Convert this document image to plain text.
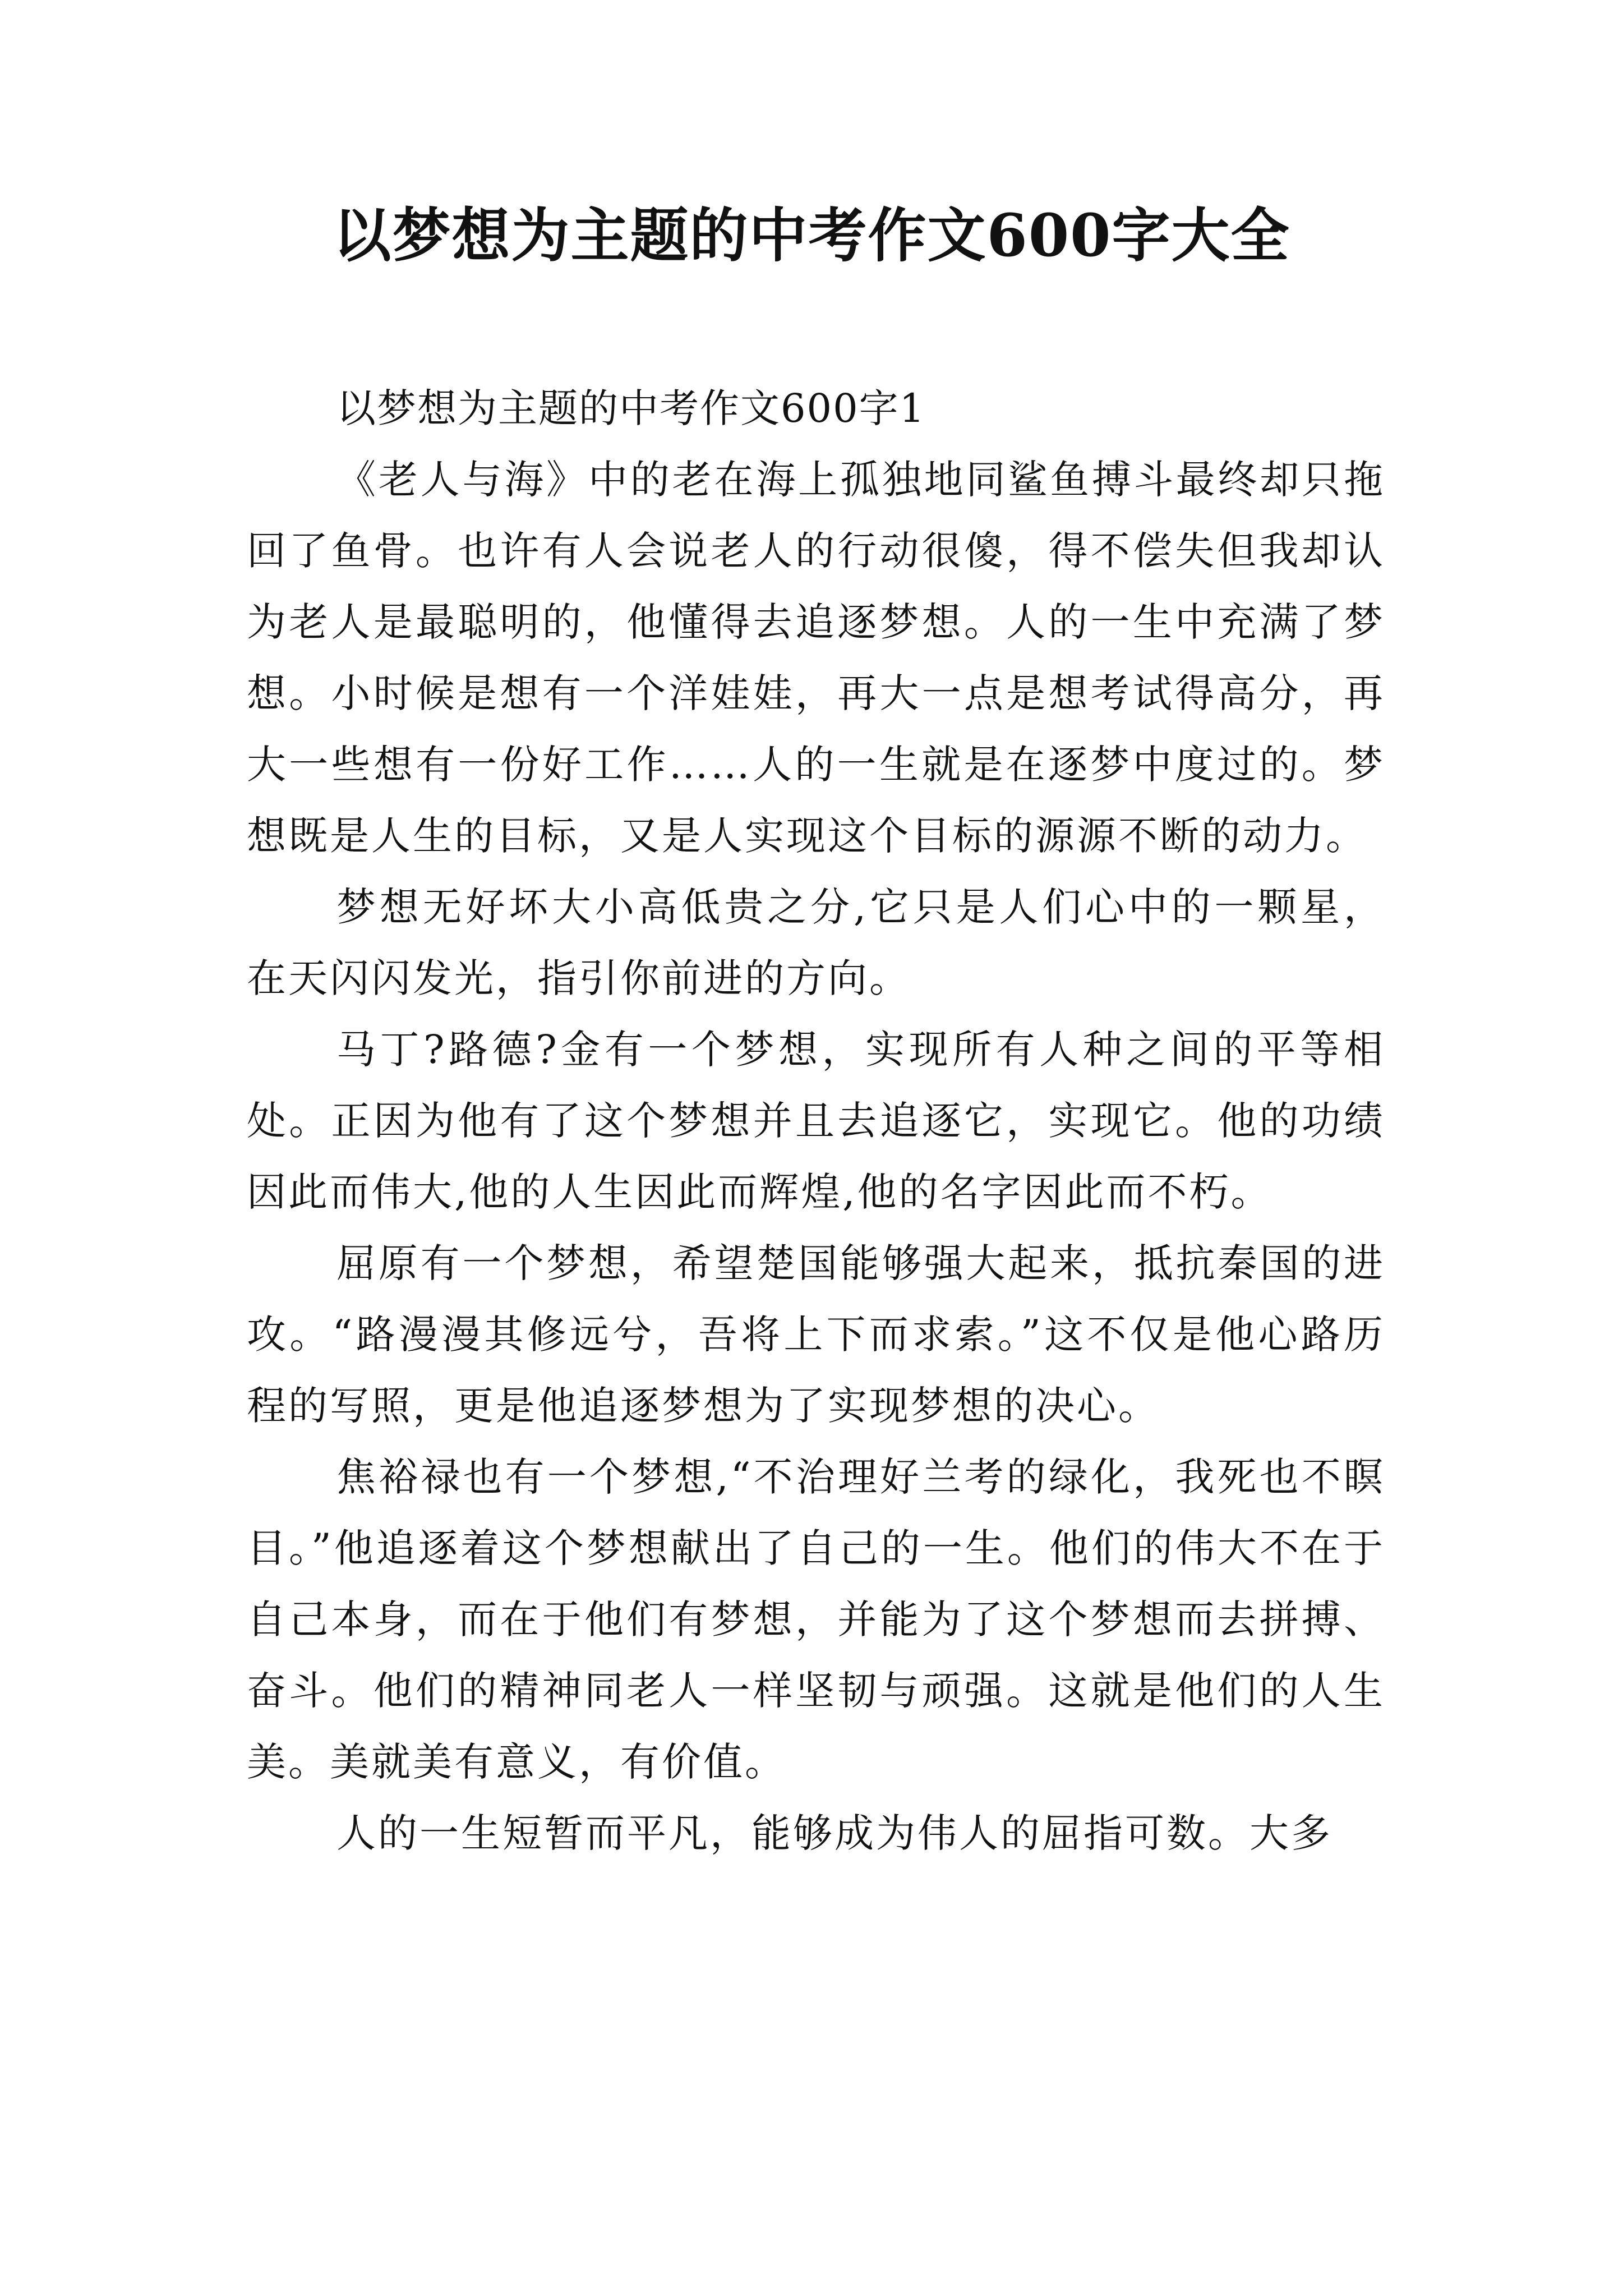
以梦想为主题的中考作文600字大全

以梦想为主题的中考作文600字1

《老人与海》中的老在海上孤独地同鲨鱼搏斗最终却只拖回了鱼骨。也许有人会说老人的行动很傻，得不偿失但我却认为老人是最聪明的，他懂得去追逐梦想。人的一生中充满了梦想。小时候是想有一个洋娃娃，再大一点是想考试得高分，再大一些想有一份好工作……人的一生就是在逐梦中度过的。梦想既是人生的目标，又是人实现这个目标的源源不断的动力。

梦想无好坏大小高低贵之分,它只是人们心中的一颗星，在天闪闪发光，指引你前进的方向。

马丁?路德?金有一个梦想，实现所有人种之间的平等相处。正因为他有了这个梦想并且去追逐它，实现它。他的功绩因此而伟大,他的人生因此而辉煌,他的名字因此而不朽。

屈原有一个梦想，希望楚国能够强大起来，抵抗秦国的进攻。“路漫漫其修远兮，吾将上下而求索。”这不仅是他心路历程的写照，更是他追逐梦想为了实现梦想的决心。

焦裕禄也有一个梦想,“不治理好兰考的绿化，我死也不瞑目。”他追逐着这个梦想献出了自己的一生。他们的伟大不在于自己本身，而在于他们有梦想，并能为了这个梦想而去拼搏、奋斗。他们的精神同老人一样坚韧与顽强。这就是他们的人生美。美就美有意义，有价值。

人的一生短暂而平凡，能够成为伟人的屈指可数。大多
